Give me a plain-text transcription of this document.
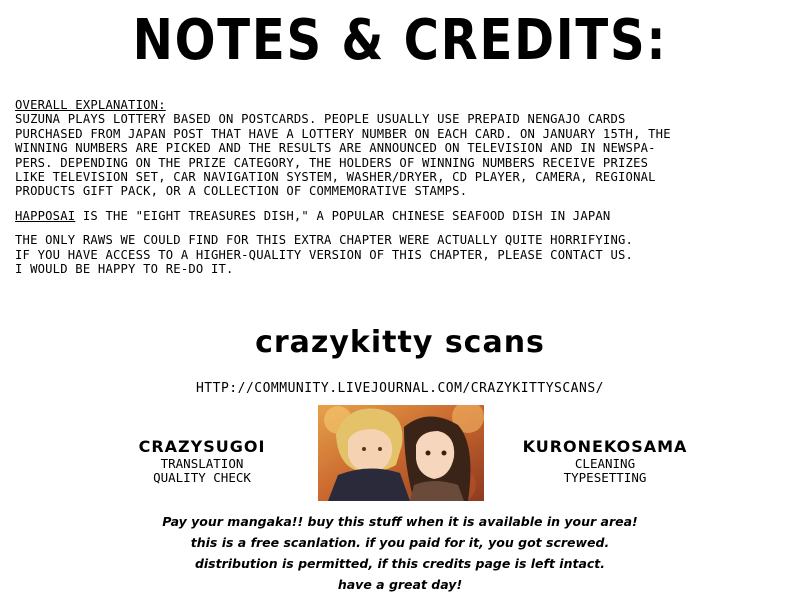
NOTES & CREDITS:

OVERALL EXPLANATION:
SUZUNA PLAYS LOTTERY BASED ON POSTCARDS. PEOPLE USUALLY USE PREPAID NENGAJO CARDS
PURCHASED FROM JAPAN POST THAT HAVE A LOTTERY NUMBER ON EACH CARD. ON JANUARY 15TH, THE
WINNING NUMBERS ARE PICKED AND THE RESULTS ARE ANNOUNCED ON TELEVISION AND IN NEWSPA-
PERS. DEPENDING ON THE PRIZE CATEGORY, THE HOLDERS OF WINNING NUMBERS RECEIVE PRIZES
LIKE TELEVISION SET, CAR NAVIGATION SYSTEM, WASHER/DRYER, CD PLAYER, CAMERA, REGIONAL
PRODUCTS GIFT PACK, OR A COLLECTION OF COMMEMORATIVE STAMPS.

HAPPOSAI IS THE "EIGHT TREASURES DISH," A POPULAR CHINESE SEAFOOD DISH IN JAPAN

THE ONLY RAWS WE COULD FIND FOR THIS EXTRA CHAPTER WERE ACTUALLY QUITE HORRIFYING.
IF YOU HAVE ACCESS TO A HIGHER-QUALITY VERSION OF THIS CHAPTER, PLEASE CONTACT US.
I WOULD BE HAPPY TO RE-DO IT.

crazykitty scans
HTTP://COMMUNITY.LIVEJOURNAL.COM/CRAZYKITTYSCANS/
CRAZYSUGOI
TRANSLATION
QUALITY CHECK
KURONEKOSAMA
CLEANING
TYPESETTING
Pay your mangaka!! buy this stuff when it is available in your area!
this is a free scanlation. if you paid for it, you got screwed.
distribution is permitted, if this credits page is left intact.
have a great day!
